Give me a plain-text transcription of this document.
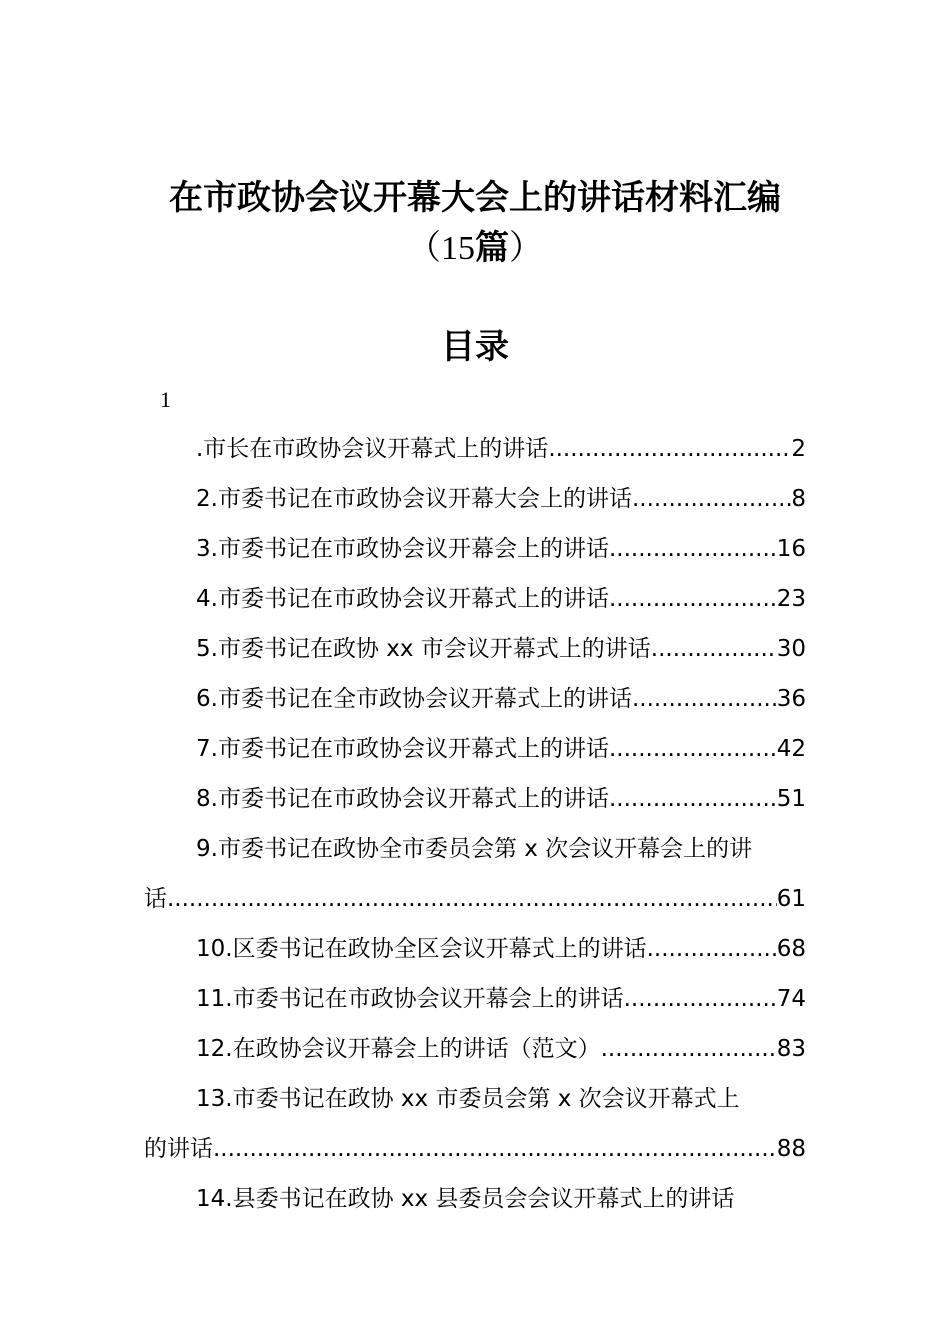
在市政协会议开幕大会上的讲话材料汇编
（15篇）
目录
1
.市长在市政协会议开幕式上的讲话 .....	2
2.市委书记在市政协会议开幕大会上的讲话 .....	8
3.市委书记在市政协会议开幕会上的讲话 .....	16
4.市委书记在市政协会议开幕式上的讲话 .....	23
5.市委书记在政协 xx 市会议开幕式上的讲话 .....	30
6.市委书记在全市政协会议开幕式上的讲话 .....	36
7.市委书记在市政协会议开幕式上的讲话 .....	42
8.市委书记在市政协会议开幕式上的讲话 .....	51
9.市委书记在政协全市委员会第 x 次会议开幕会上的讲
话 .....	61
10.区委书记在政协全区会议开幕式上的讲话 .....	68
11.市委书记在市政协会议开幕会上的讲话 .....	74
12.在政协会议开幕会上的讲话（范文） .....	83
13.市委书记在政协 xx 市委员会第 x 次会议开幕式上
的讲话 .....	88
14.县委书记在政协 xx 县委员会会议开幕式上的讲话
